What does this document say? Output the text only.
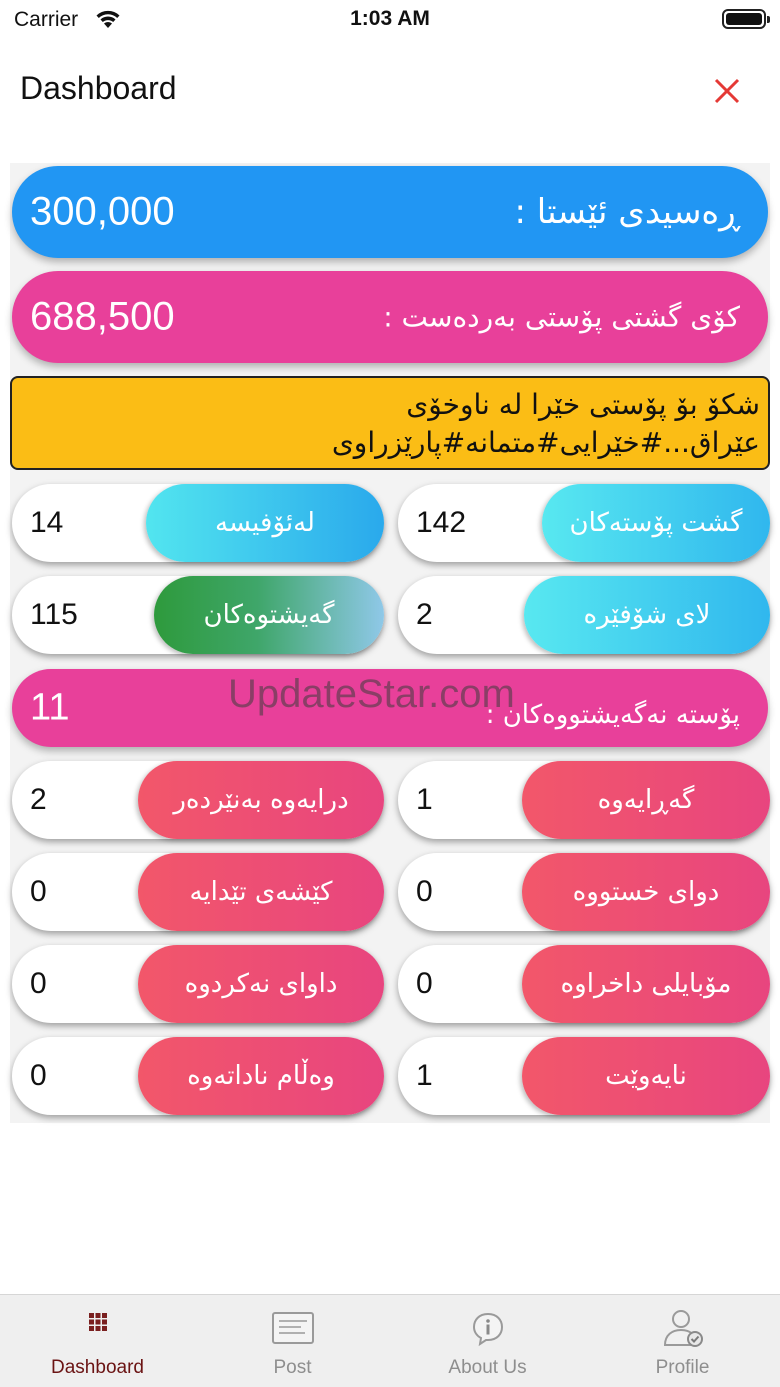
Carrier	1:03 AM
Dashboard
300,000	ڕەسیدی ئێستا :
688,500	کۆی گشتی پۆستی بەردەست :
شکۆ بۆ پۆستی خێرا لە ناوخۆی
عێراق...#خێرایی#متمانە#پارێزراوی
14	لەئۆفیسە	142	گشت پۆستەکان
115	گەیشتوەکان	2	لای شۆفێرە
11	پۆستە نەگەیشتووەکان :
2	درایەوە بەنێردەر	1	گەڕایەوە
0	کێشەی تێدایە	0	دوای خستووە
0	داوای نەکردوە	0	مۆبایلی داخراوە
0	وەڵام ناداتەوە	1	نایەوێت
UpdateStar.com
Dashboard	Post	About Us	Profile
